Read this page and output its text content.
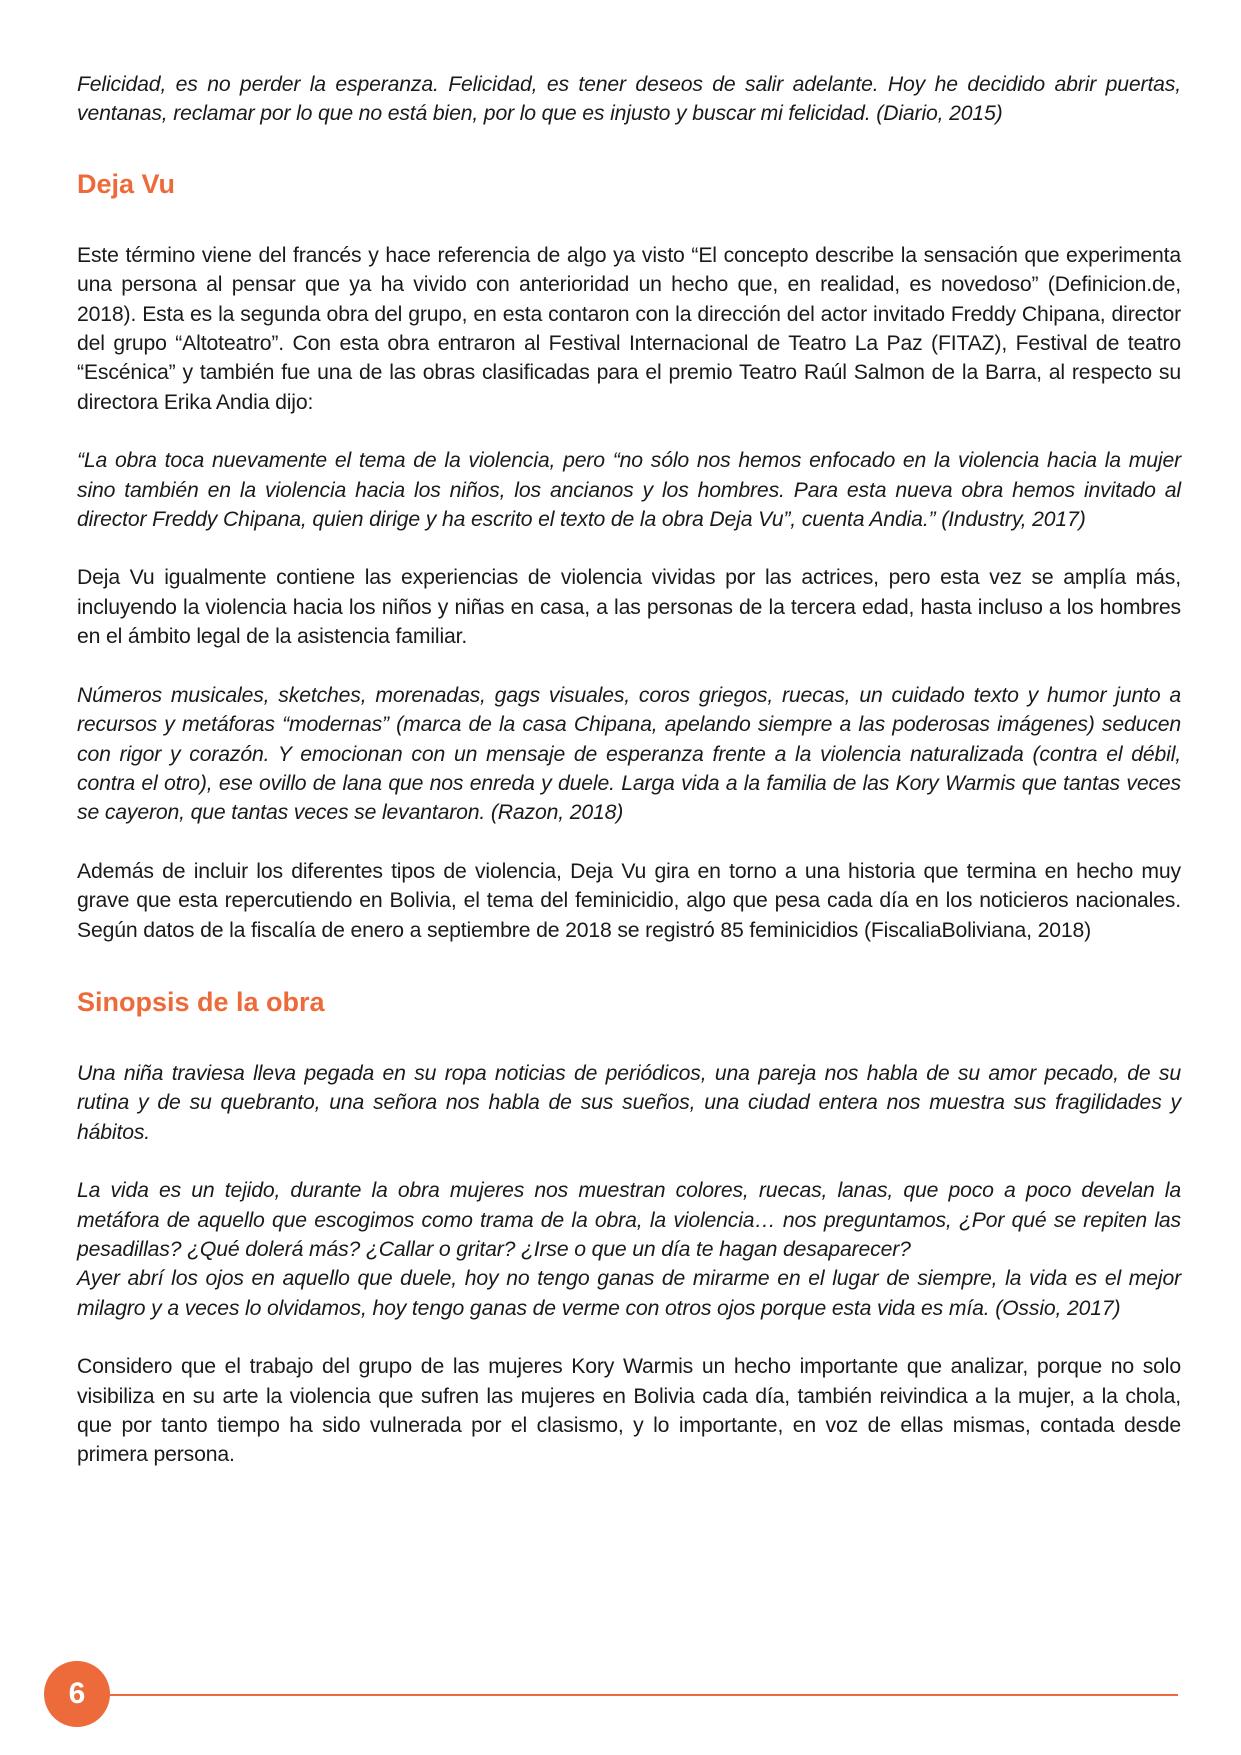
Felicidad, es no perder la esperanza. Felicidad, es tener deseos de salir adelante. Hoy he decidido abrir puertas, ventanas, reclamar por lo que no está bien, por lo que es injusto y buscar mi felicidad. (Diario, 2015)

Deja Vu

Este término viene del francés y hace referencia de algo ya visto “El concepto describe la sensación que experimenta una persona al pensar que ya ha vivido con anterioridad un hecho que, en realidad, es novedoso” (Definicion.de, 2018). Esta es la segunda obra del grupo, en esta contaron con la dirección del actor invitado Freddy Chipana, director del grupo “Altoteatro”. Con esta obra entraron al Festival Internacional de Teatro La Paz (FITAZ), Festival de teatro “Escénica” y también fue una de las obras clasificadas para el premio Teatro Raúl Salmon de la Barra, al respecto su directora Erika Andia dijo:

“La obra toca nuevamente el tema de la violencia, pero “no sólo nos hemos enfocado en la violencia hacia la mujer sino también en la violencia hacia los niños, los ancianos y los hombres. Para esta nueva obra hemos invitado al director Freddy Chipana, quien dirige y ha escrito el texto de la obra Deja Vu”, cuenta Andia.” (Industry, 2017)

Deja Vu igualmente contiene las experiencias de violencia vividas por las actrices, pero esta vez se amplía más, incluyendo la violencia hacia los niños y niñas en casa, a las personas de la tercera edad, hasta incluso a los hombres en el ámbito legal de la asistencia familiar.

Números musicales, sketches, morenadas, gags visuales, coros griegos, ruecas, un cuidado texto y humor junto a recursos y metáforas “modernas” (marca de la casa Chipana, apelando siempre a las poderosas imágenes) seducen con rigor y corazón. Y emocionan con un mensaje de esperanza frente a la violencia naturalizada (contra el débil, contra el otro), ese ovillo de lana que nos enreda y duele. Larga vida a la familia de las Kory Warmis que tantas veces se cayeron, que tantas veces se levantaron. (Razon, 2018)

Además de incluir los diferentes tipos de violencia, Deja Vu gira en torno a una historia que termina en hecho muy grave que esta repercutiendo en Bolivia, el tema del feminicidio, algo que pesa cada día en los noticieros nacionales. Según datos de la fiscalía de enero a septiembre de 2018 se registró 85 feminicidios (FiscaliaBoliviana, 2018)

Sinopsis de la obra

Una niña traviesa lleva pegada en su ropa noticias de periódicos, una pareja nos habla de su amor pecado, de su rutina y de su quebranto, una señora nos habla de sus sueños, una ciudad entera nos muestra sus fragilidades y hábitos.

La vida es un tejido, durante la obra mujeres nos muestran colores, ruecas, lanas, que poco a poco develan la metáfora de aquello que escogimos como trama de la obra, la violencia… nos preguntamos, ¿Por qué se repiten las pesadillas? ¿Qué dolerá más? ¿Callar o gritar? ¿Irse o que un día te hagan desaparecer?

Ayer abrí los ojos en aquello que duele, hoy no tengo ganas de mirarme en el lugar de siempre, la vida es el mejor milagro y a veces lo olvidamos, hoy tengo ganas de verme con otros ojos porque esta vida es mía. (Ossio, 2017)

Considero que el trabajo del grupo de las mujeres Kory Warmis un hecho importante que analizar, porque no solo visibiliza en su arte la violencia que sufren las mujeres en Bolivia cada día, también reivindica a la mujer, a la chola, que por tanto tiempo ha sido vulnerada por el clasismo, y lo importante, en voz de ellas mismas, contada desde primera persona.

6
